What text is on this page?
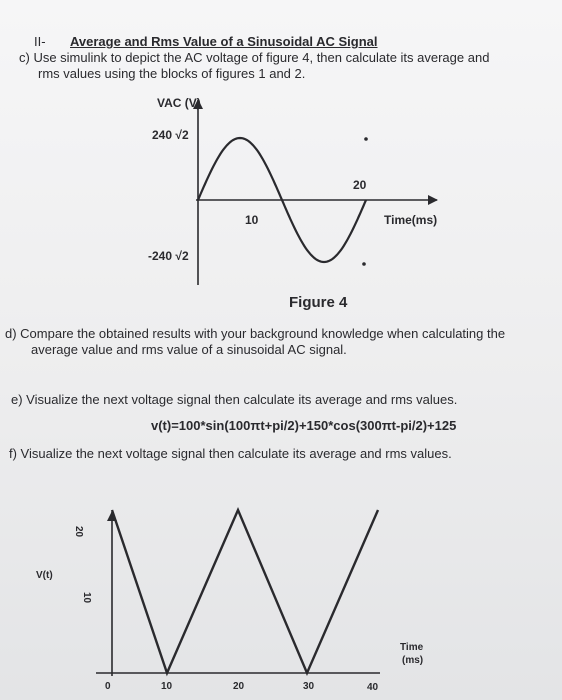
II- Average and Rms Value of a Sinusoidal AC Signal
c) Use simulink to depict the AC voltage of figure 4, then calculate its average and
rms values using the blocks of figures 1 and 2.
VAC (V)
240 √2
-240 √2
10
20
Time(ms)
Figure 4
d) Compare the obtained results with your background knowledge when calculating the
average value and rms value of a sinusoidal AC signal.
e) Visualize the next voltage signal then calculate its average and rms values.
v(t)=100*sin(100πt+pi/2)+150*cos(300πt-pi/2)+125
f) Visualize the next voltage signal then calculate its average and rms values.
20
10
V(t)
0	10	20	30	40
Time
(ms)
